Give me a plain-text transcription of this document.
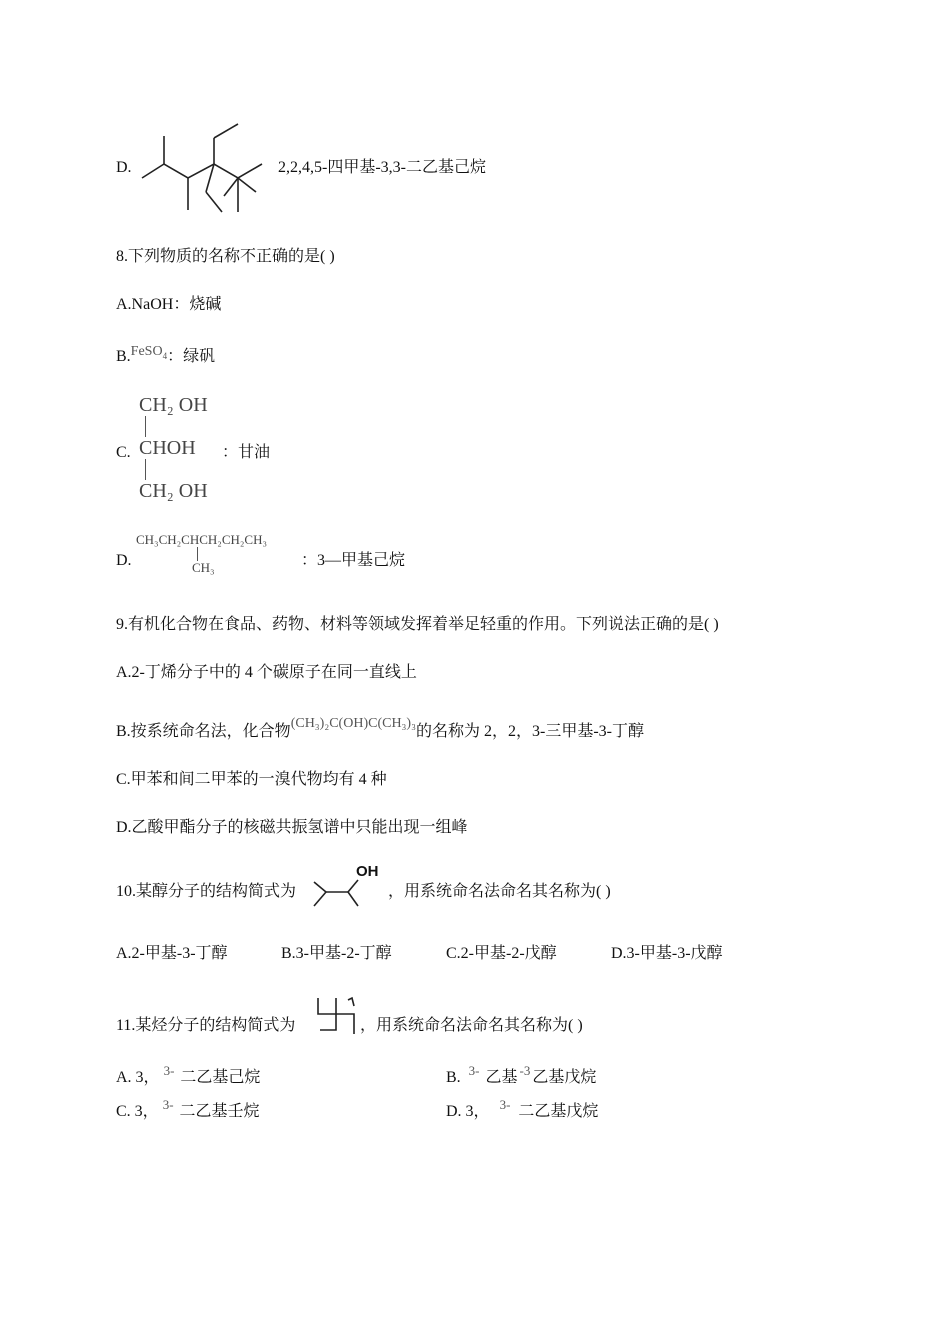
D.	2,2,4,5-四甲基-3,3-二乙基己烷
8.下列物质的名称不正确的是( )
A.NaOH：烧碱
B.FeSO$_4$：绿矾
C.
CH₂ OH
CHOH
CH₂ OH
：甘油
D.
CH₃CH₂CHCH₂CH₂CH₃
CH₃	：3—甲基己烷
9.有机化合物在食品、药物、材料等领域发挥着举足轻重的作用。下列说法正确的是( )
A.2-丁烯分子中的 4 个碳原子在同一直线上
B.按系统命名法，化合物(CH₃)₂C(OH)C(CH₃)₃的名称为 2，2，3-三甲基-3-丁醇
C.甲苯和间二甲苯的一溴代物均有 4 种
D.乙酸甲酯分子的核磁共振氢谱中只能出现一组峰
10.某醇分子的结构简式为
OH
，用系统命名法命名其名称为( )
A.2-甲基-3-丁醇	B.3-甲基-2-丁醇	C.2-甲基-2-戊醇	D.3-甲基-3-戊醇
11.某烃分子的结构简式为	，用系统命名法命名其名称为( )
A. 3， $^{3-}$ 二乙基己烷	B. $^{3-}$ 乙基 $^{-3}$ 乙基戊烷
C. 3， $^{3-}$ 二乙基壬烷	D. 3， $^{3-}$ 二乙基戊烷
